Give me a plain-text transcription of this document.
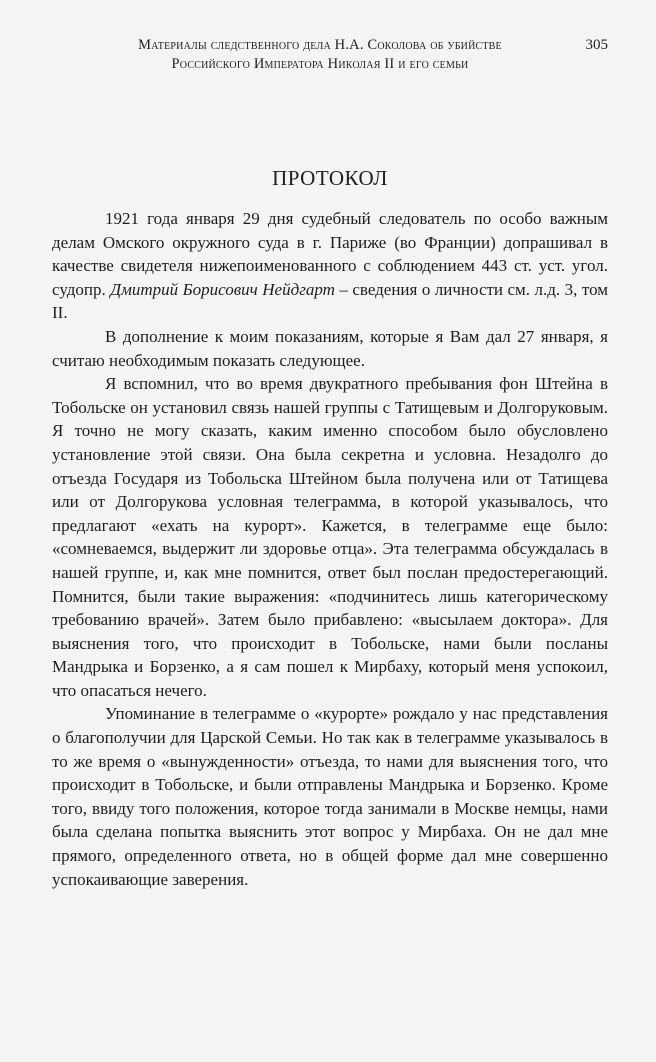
Материалы следственного дела Н.А. Соколова об убийстве
Российского Императора Николая II и его семьи
305
ПРОТОКОЛ

1921 года января 29 дня судебный следователь по особо важным делам Омского окружного суда в г. Париже (во Франции) допрашивал в качестве свидетеля нижепоименованного с соблюдением 443 ст. уст. угол. судопр. Дмитрий Борисович Нейдгарт – сведения о личности см. л.д. 3, том II.

В дополнение к моим показаниям, которые я Вам дал 27 января, я считаю необходимым показать следующее.

Я вспомнил, что во время двукратного пребывания фон Штейна в Тобольске он установил связь нашей группы с Татищевым и Долгоруковым. Я точно не могу сказать, каким именно способом было обусловлено установление этой связи. Она была секретна и условна. Незадолго до отъезда Государя из Тобольска Штейном была получена или от Татищева или от Долгорукова условная телеграмма, в которой указывалось, что предлагают «ехать на курорт». Кажется, в телеграмме еще было: «сомневаемся, выдержит ли здоровье отца». Эта телеграмма обсуждалась в нашей группе, и, как мне помнится, ответ был послан предостерегающий. Помнится, были такие выражения: «подчинитесь лишь категорическому требованию врачей». Затем было прибавлено: «высылаем доктора». Для выяснения того, что происходит в Тобольске, нами были посланы Мандрыка и Борзенко, а я сам пошел к Мирбаху, который меня успокоил, что опасаться нечего.

Упоминание в телеграмме о «курорте» рождало у нас представления о благополучии для Царской Семьи. Но так как в телеграмме указывалось в то же время о «вынужденности» отъезда, то нами для выяснения того, что происходит в Тобольске, и были отправлены Мандрыка и Борзенко. Кроме того, ввиду того положения, которое тогда занимали в Москве немцы, нами была сделана попытка выяснить этот вопрос у Мирбаха. Он не дал мне прямого, определенного ответа, но в общей форме дал мне совершенно успокаивающие заверения.
